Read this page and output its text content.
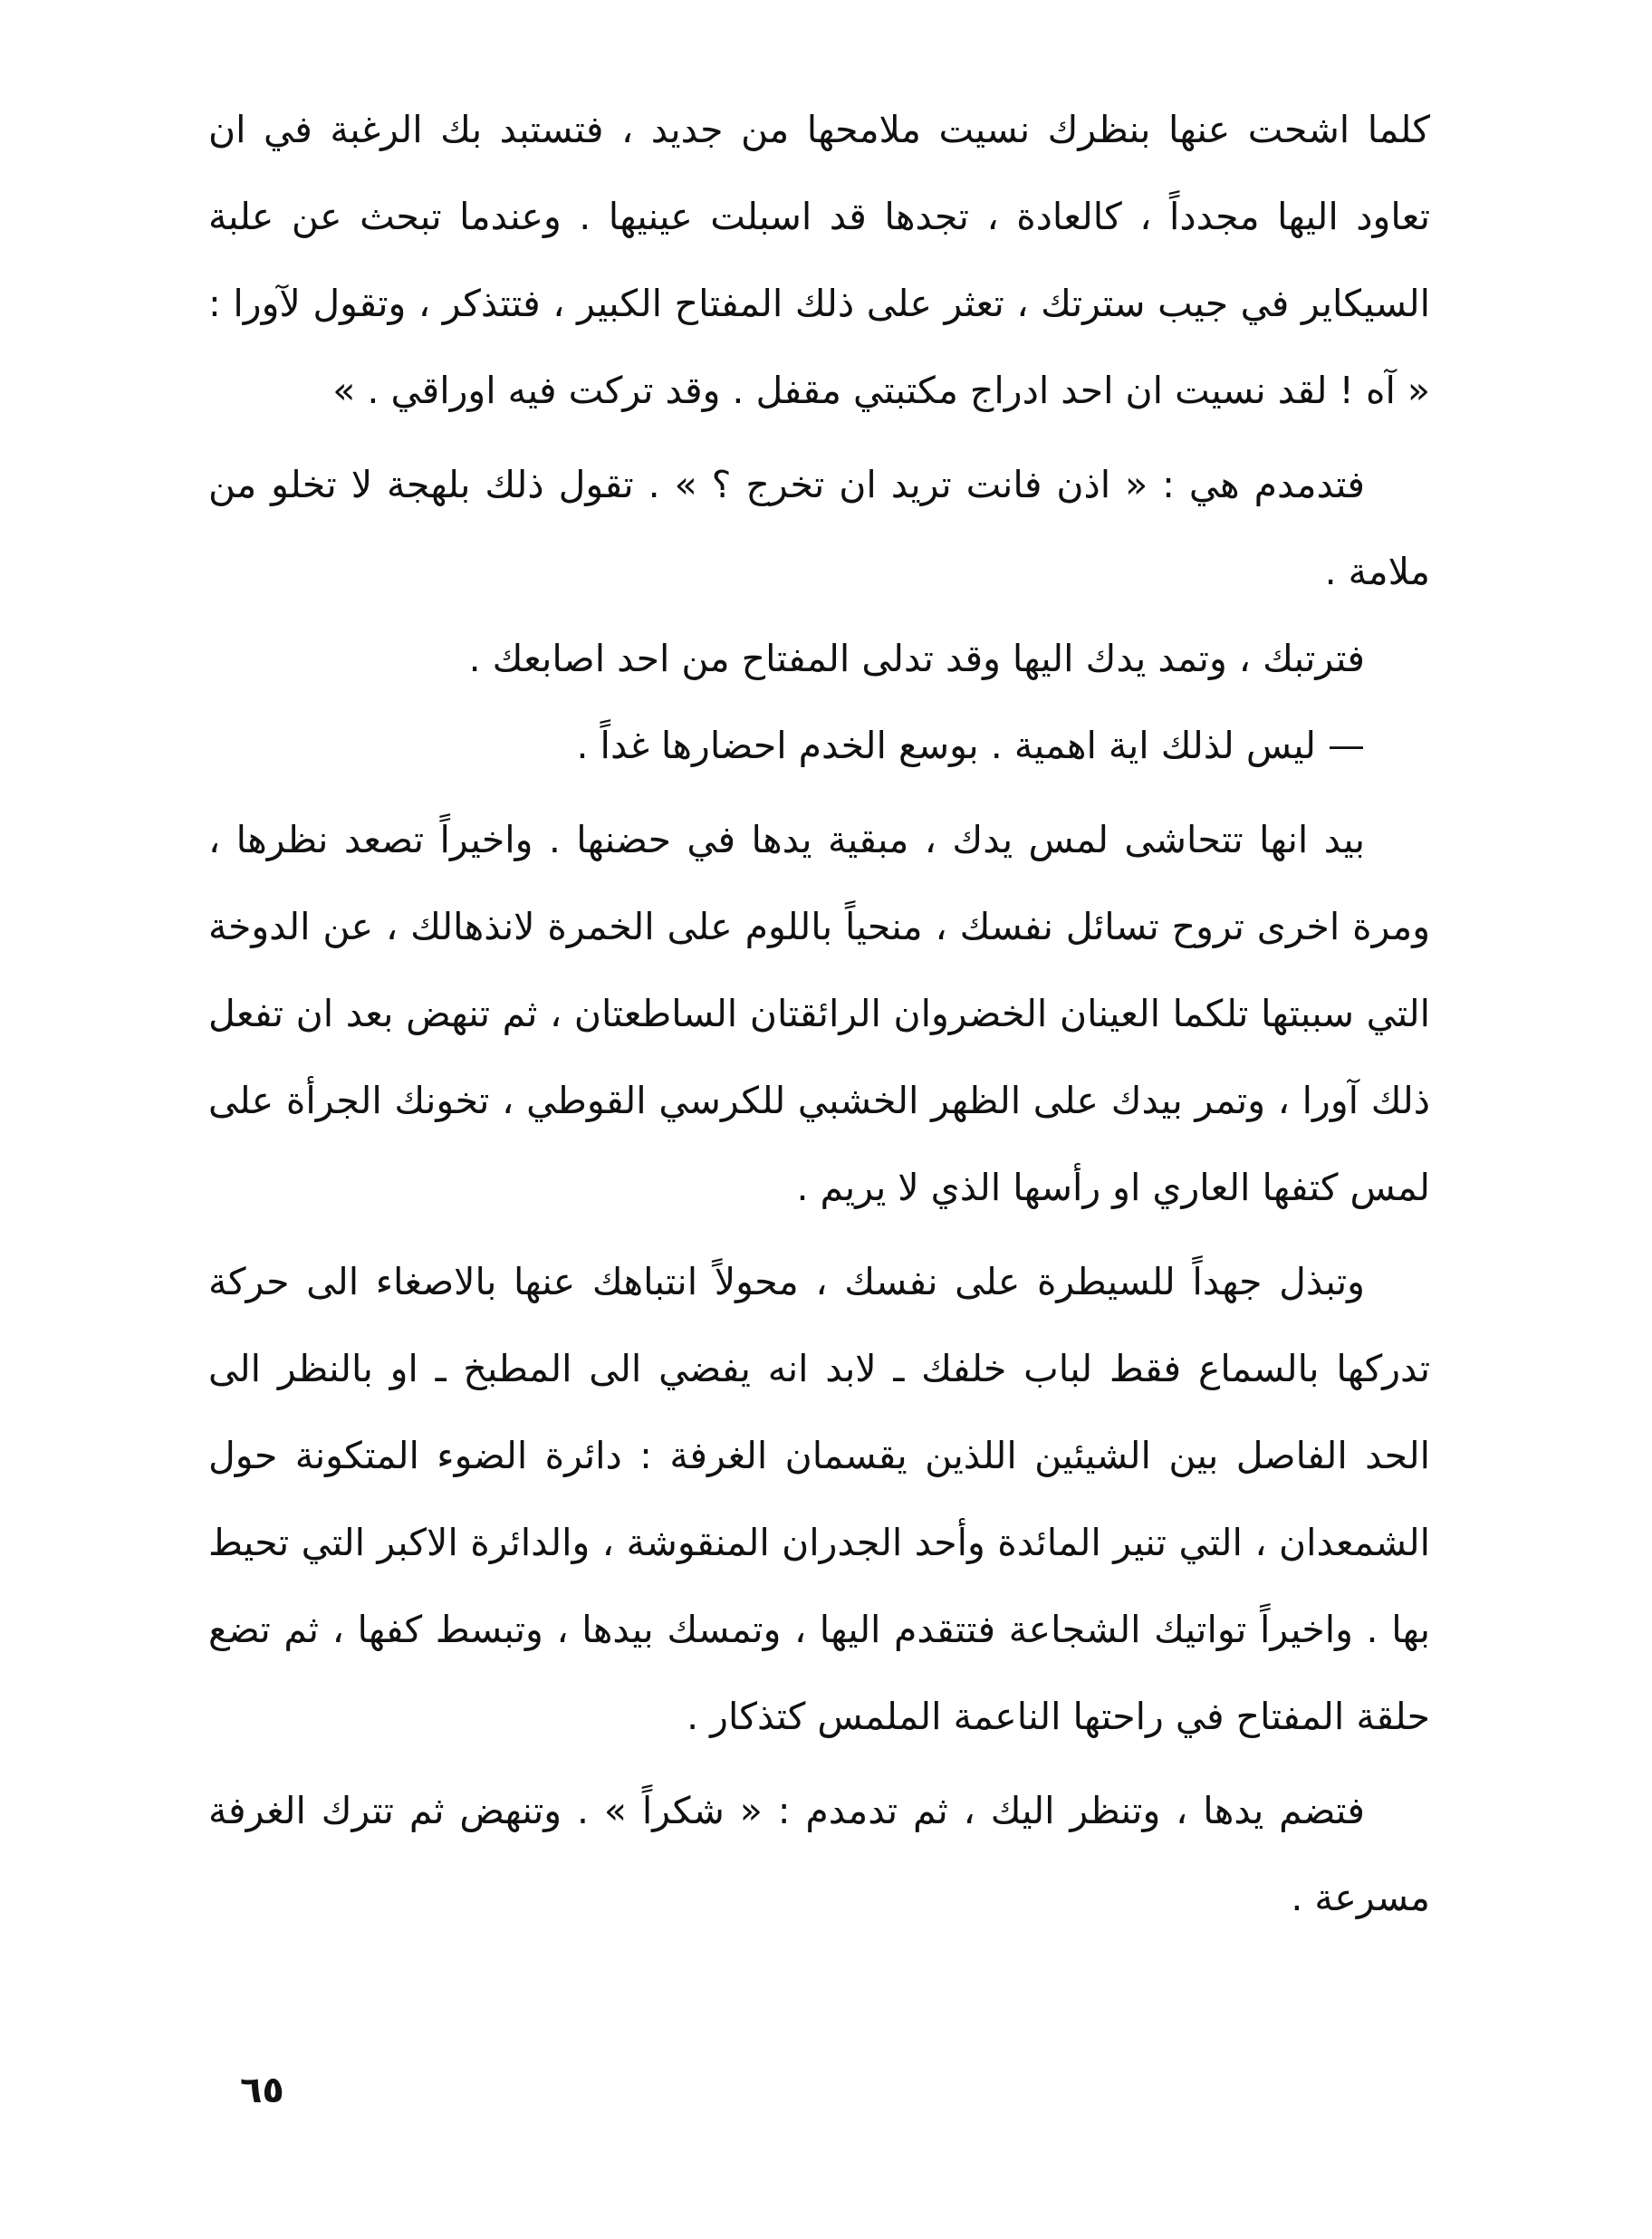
كلما اشحت عنها بنظرك نسيت ملامحها من جديد ، فتستبد بك الرغبة في ان تعاود اليها مجدداً ، كالعادة ، تجدها قد اسبلت عينيها . وعندما تبحث عن علبة السيكاير في جيب سترتك ، تعثر على ذلك المفتاح الكبير ، فتتذكر ، وتقول لآورا : « آه ! لقد نسيت ان احد ادراج مكتبتي مقفل . وقد تركت فيه اوراقي . »

فتدمدم هي : « اذن فانت تريد ان تخرج ؟ » . تقول ذلك بلهجة لا تخلو من ملامة .

فترتبك ، وتمد يدك اليها وقد تدلى المفتاح من احد اصابعك .

— ليس لذلك اية اهمية . بوسع الخدم احضارها غداً .

بيد انها تتحاشى لمس يدك ، مبقية يدها في حضنها . واخيراً تصعد نظرها ، ومرة اخرى تروح تسائل نفسك ، منحياً باللوم على الخمرة لانذهالك ، عن الدوخة التي سببتها تلكما العينان الخضروان الرائقتان الساطعتان ، ثم تنهض بعد ان تفعل ذلك آورا ، وتمر بيدك على الظهر الخشبي للكرسي القوطي ، تخونك الجرأة على لمس كتفها العاري او رأسها الذي لا يريم .

وتبذل جهداً للسيطرة على نفسك ، محولاً انتباهك عنها بالاصغاء الى حركة تدركها بالسماع فقط لباب خلفك ـ لابد انه يفضي الى المطبخ ـ او بالنظر الى الحد الفاصل بين الشيئين اللذين يقسمان الغرفة : دائرة الضوء المتكونة حول الشمعدان ، التي تنير المائدة وأحد الجدران المنقوشة ، والدائرة الاكبر التي تحيط بها . واخيراً تواتيك الشجاعة فتتقدم اليها ، وتمسك بيدها ، وتبسط كفها ، ثم تضع حلقة المفتاح في راحتها الناعمة الملمس كتذكار .

فتضم يدها ، وتنظر اليك ، ثم تدمدم : « شكراً » . وتنهض ثم تترك الغرفة مسرعة .

٦٥
